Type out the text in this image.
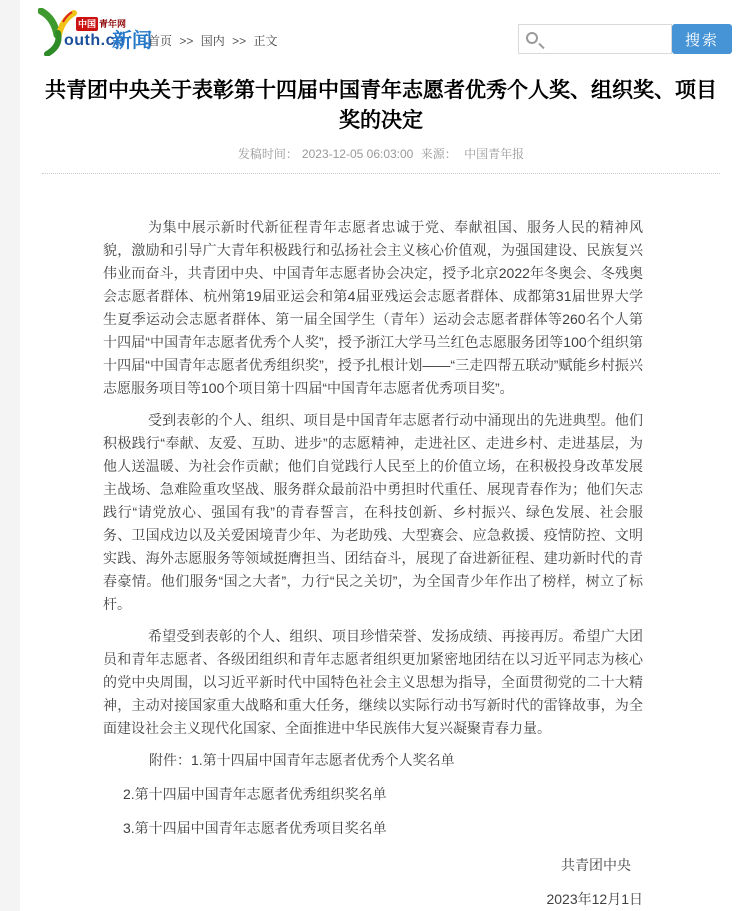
中国 青年网
outh.cn
新闻
首页 >> 国内 >> 正文	搜索
共青团中央关于表彰第十四届中国青年志愿者优秀个人奖、组织奖、项目奖的决定
发稿时间： 2023-12-05 06:03:00 来源： 中国青年报

为集中展示新时代新征程青年志愿者忠诚于党、奉献祖国、服务人民的精神风貌，激励和引导广大青年积极践行和弘扬社会主义核心价值观，为强国建设、民族复兴伟业而奋斗，共青团中央、中国青年志愿者协会决定，授予北京2022年冬奥会、冬残奥会志愿者群体、杭州第19届亚运会和第4届亚残运会志愿者群体、成都第31届世界大学生夏季运动会志愿者群体、第一届全国学生（青年）运动会志愿者群体等260名个人第十四届“中国青年志愿者优秀个人奖”，授予浙江大学马兰红色志愿服务团等100个组织第十四届“中国青年志愿者优秀组织奖”，授予扎根计划——“三走四帮五联动”赋能乡村振兴志愿服务项目等100个项目第十四届“中国青年志愿者优秀项目奖”。

受到表彰的个人、组织、项目是中国青年志愿者行动中涌现出的先进典型。他们积极践行“奉献、友爱、互助、进步”的志愿精神，走进社区、走进乡村、走进基层，为他人送温暖、为社会作贡献；他们自觉践行人民至上的价值立场，在积极投身改革发展主战场、急难险重攻坚战、服务群众最前沿中勇担时代重任、展现青春作为；他们矢志践行“请党放心、强国有我”的青春誓言，在科技创新、乡村振兴、绿色发展、社会服务、卫国戍边以及关爱困境青少年、为老助残、大型赛会、应急救援、疫情防控、文明实践、海外志愿服务等领域挺膺担当、团结奋斗，展现了奋进新征程、建功新时代的青春豪情。他们服务“国之大者”，力行“民之关切”，为全国青少年作出了榜样，树立了标杆。

希望受到表彰的个人、组织、项目珍惜荣誉、发扬成绩、再接再厉。希望广大团员和青年志愿者、各级团组织和青年志愿者组织更加紧密地团结在以习近平同志为核心的党中央周围，以习近平新时代中国特色社会主义思想为指导，全面贯彻党的二十大精神，主动对接国家重大战略和重大任务，继续以实际行动书写新时代的雷锋故事，为全面建设社会主义现代化国家、全面推进中华民族伟大复兴凝聚青春力量。

附件：1.第十四届中国青年志愿者优秀个人奖名单
2.第十四届中国青年志愿者优秀组织奖名单
3.第十四届中国青年志愿者优秀项目奖名单
共青团中央
2023年12月1日
